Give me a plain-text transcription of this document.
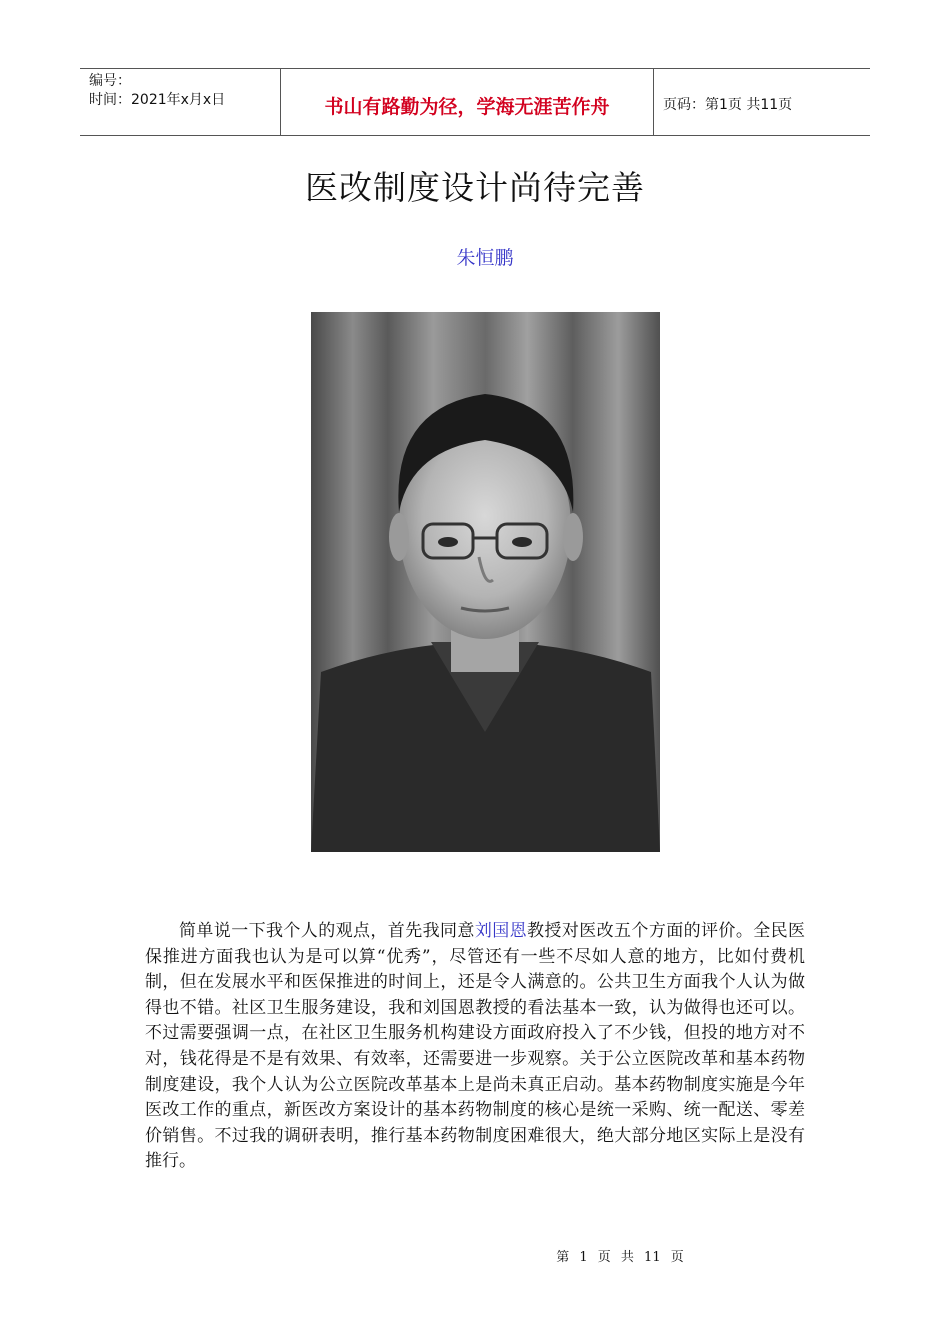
编号：
时间：2021年x月x日	书山有路勤为径，学海无涯苦作舟	页码：第1页 共11页
医改制度设计尚待完善
朱恒鹏
简单说一下我个人的观点，首先我同意刘国恩教授对医改五个方面的评价。全民医保推进方面我也认为是可以算“优秀”，尽管还有一些不尽如人意的地方，比如付费机制，但在发展水平和医保推进的时间上，还是令人满意的。公共卫生方面我个人认为做得也不错。社区卫生服务建设，我和刘国恩教授的看法基本一致，认为做得也还可以。不过需要强调一点，在社区卫生服务机构建设方面政府投入了不少钱，但投的地方对不对，钱花得是不是有效果、有效率，还需要进一步观察。关于公立医院改革和基本药物制度建设，我个人认为公立医院改革基本上是尚未真正启动。基本药物制度实施是今年医改工作的重点，新医改方案设计的基本药物制度的核心是统一采购、统一配送、零差价销售。不过我的调研表明，推行基本药物制度困难很大，绝大部分地区实际上是没有推行。
第 1 页 共 11 页
